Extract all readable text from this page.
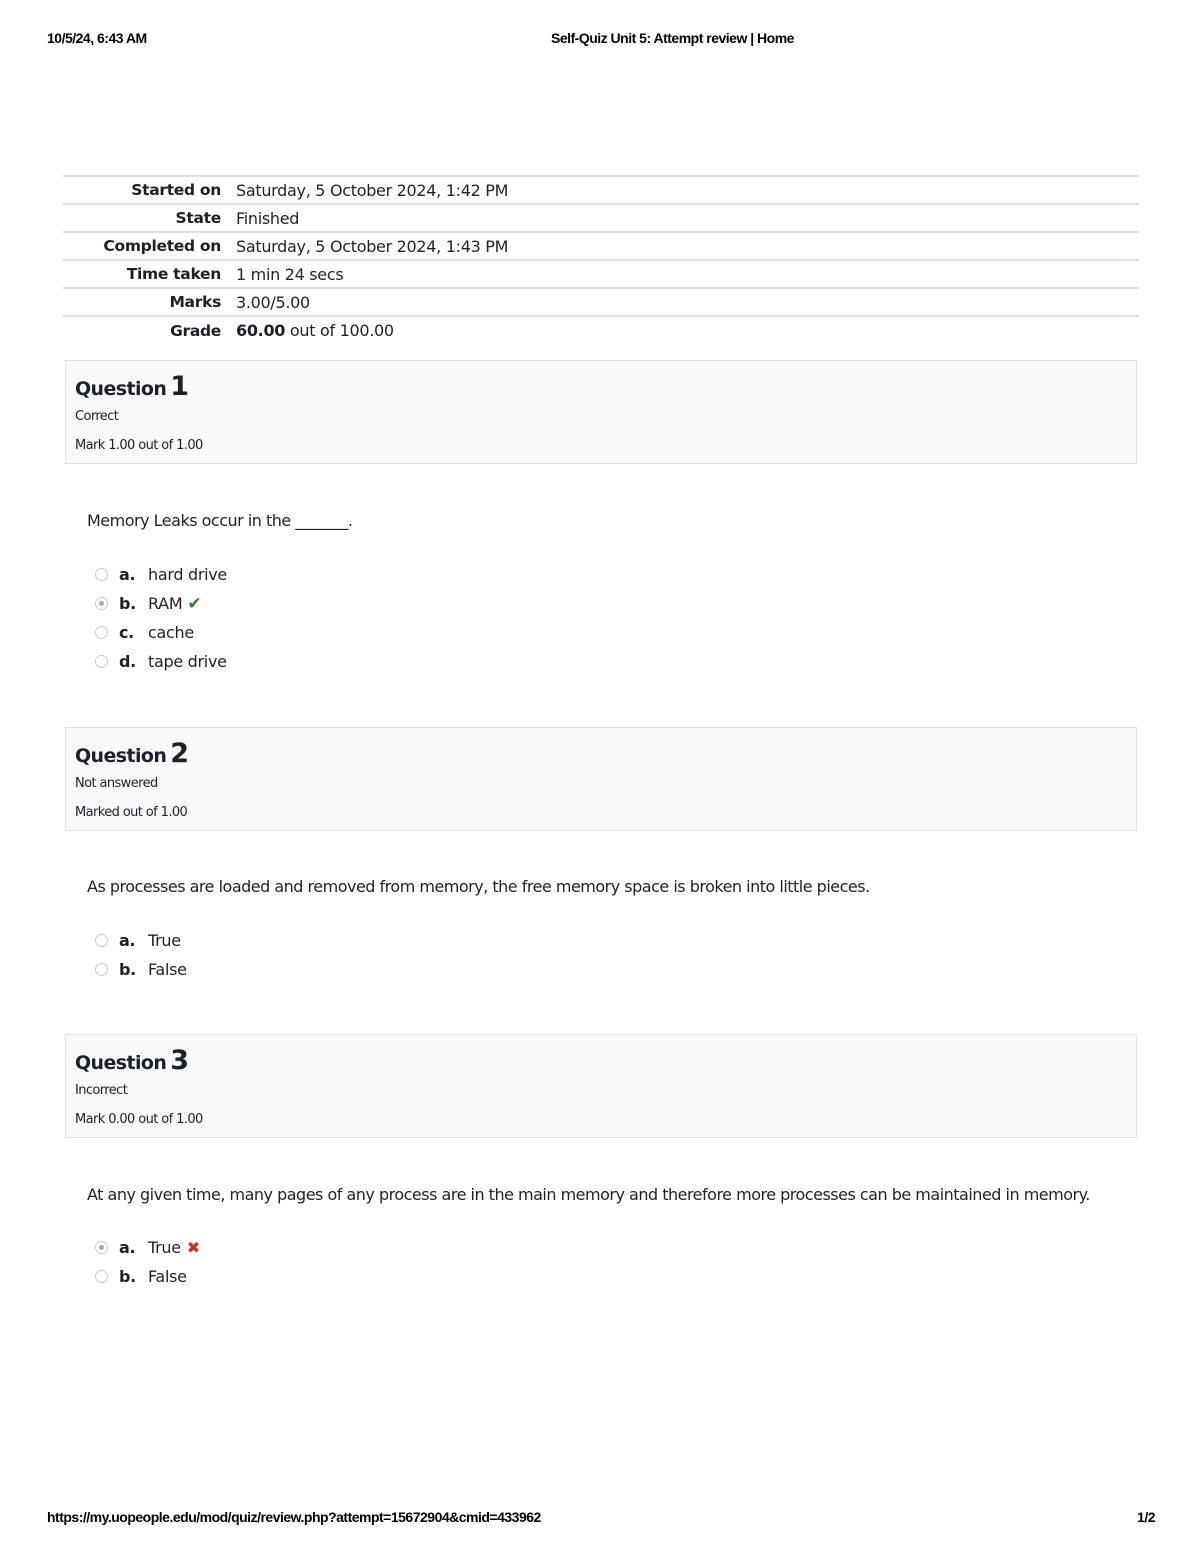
10/5/24, 6:43 AM	Self-Quiz Unit 5: Attempt review | Home
Started on	Saturday, 5 October 2024, 1:42 PM
State	Finished
Completed on	Saturday, 5 October 2024, 1:43 PM
Time taken	1 min 24 secs
Marks	3.00/5.00
Grade	60.00 out of 100.00
Question 1
Correct
Mark 1.00 out of 1.00
Memory Leaks occur in the _______.
a. hard drive
b. RAM ✔
c. cache
d. tape drive
Question 2
Not answered
Marked out of 1.00
As processes are loaded and removed from memory, the free memory space is broken into little pieces.
a. True
b. False
Question 3
Incorrect
Mark 0.00 out of 1.00
At any given time, many pages of any process are in the main memory and therefore more processes can be maintained in memory.
a. True ✖
b. False
https://my.uopeople.edu/mod/quiz/review.php?attempt=15672904&cmid=433962	1/2
